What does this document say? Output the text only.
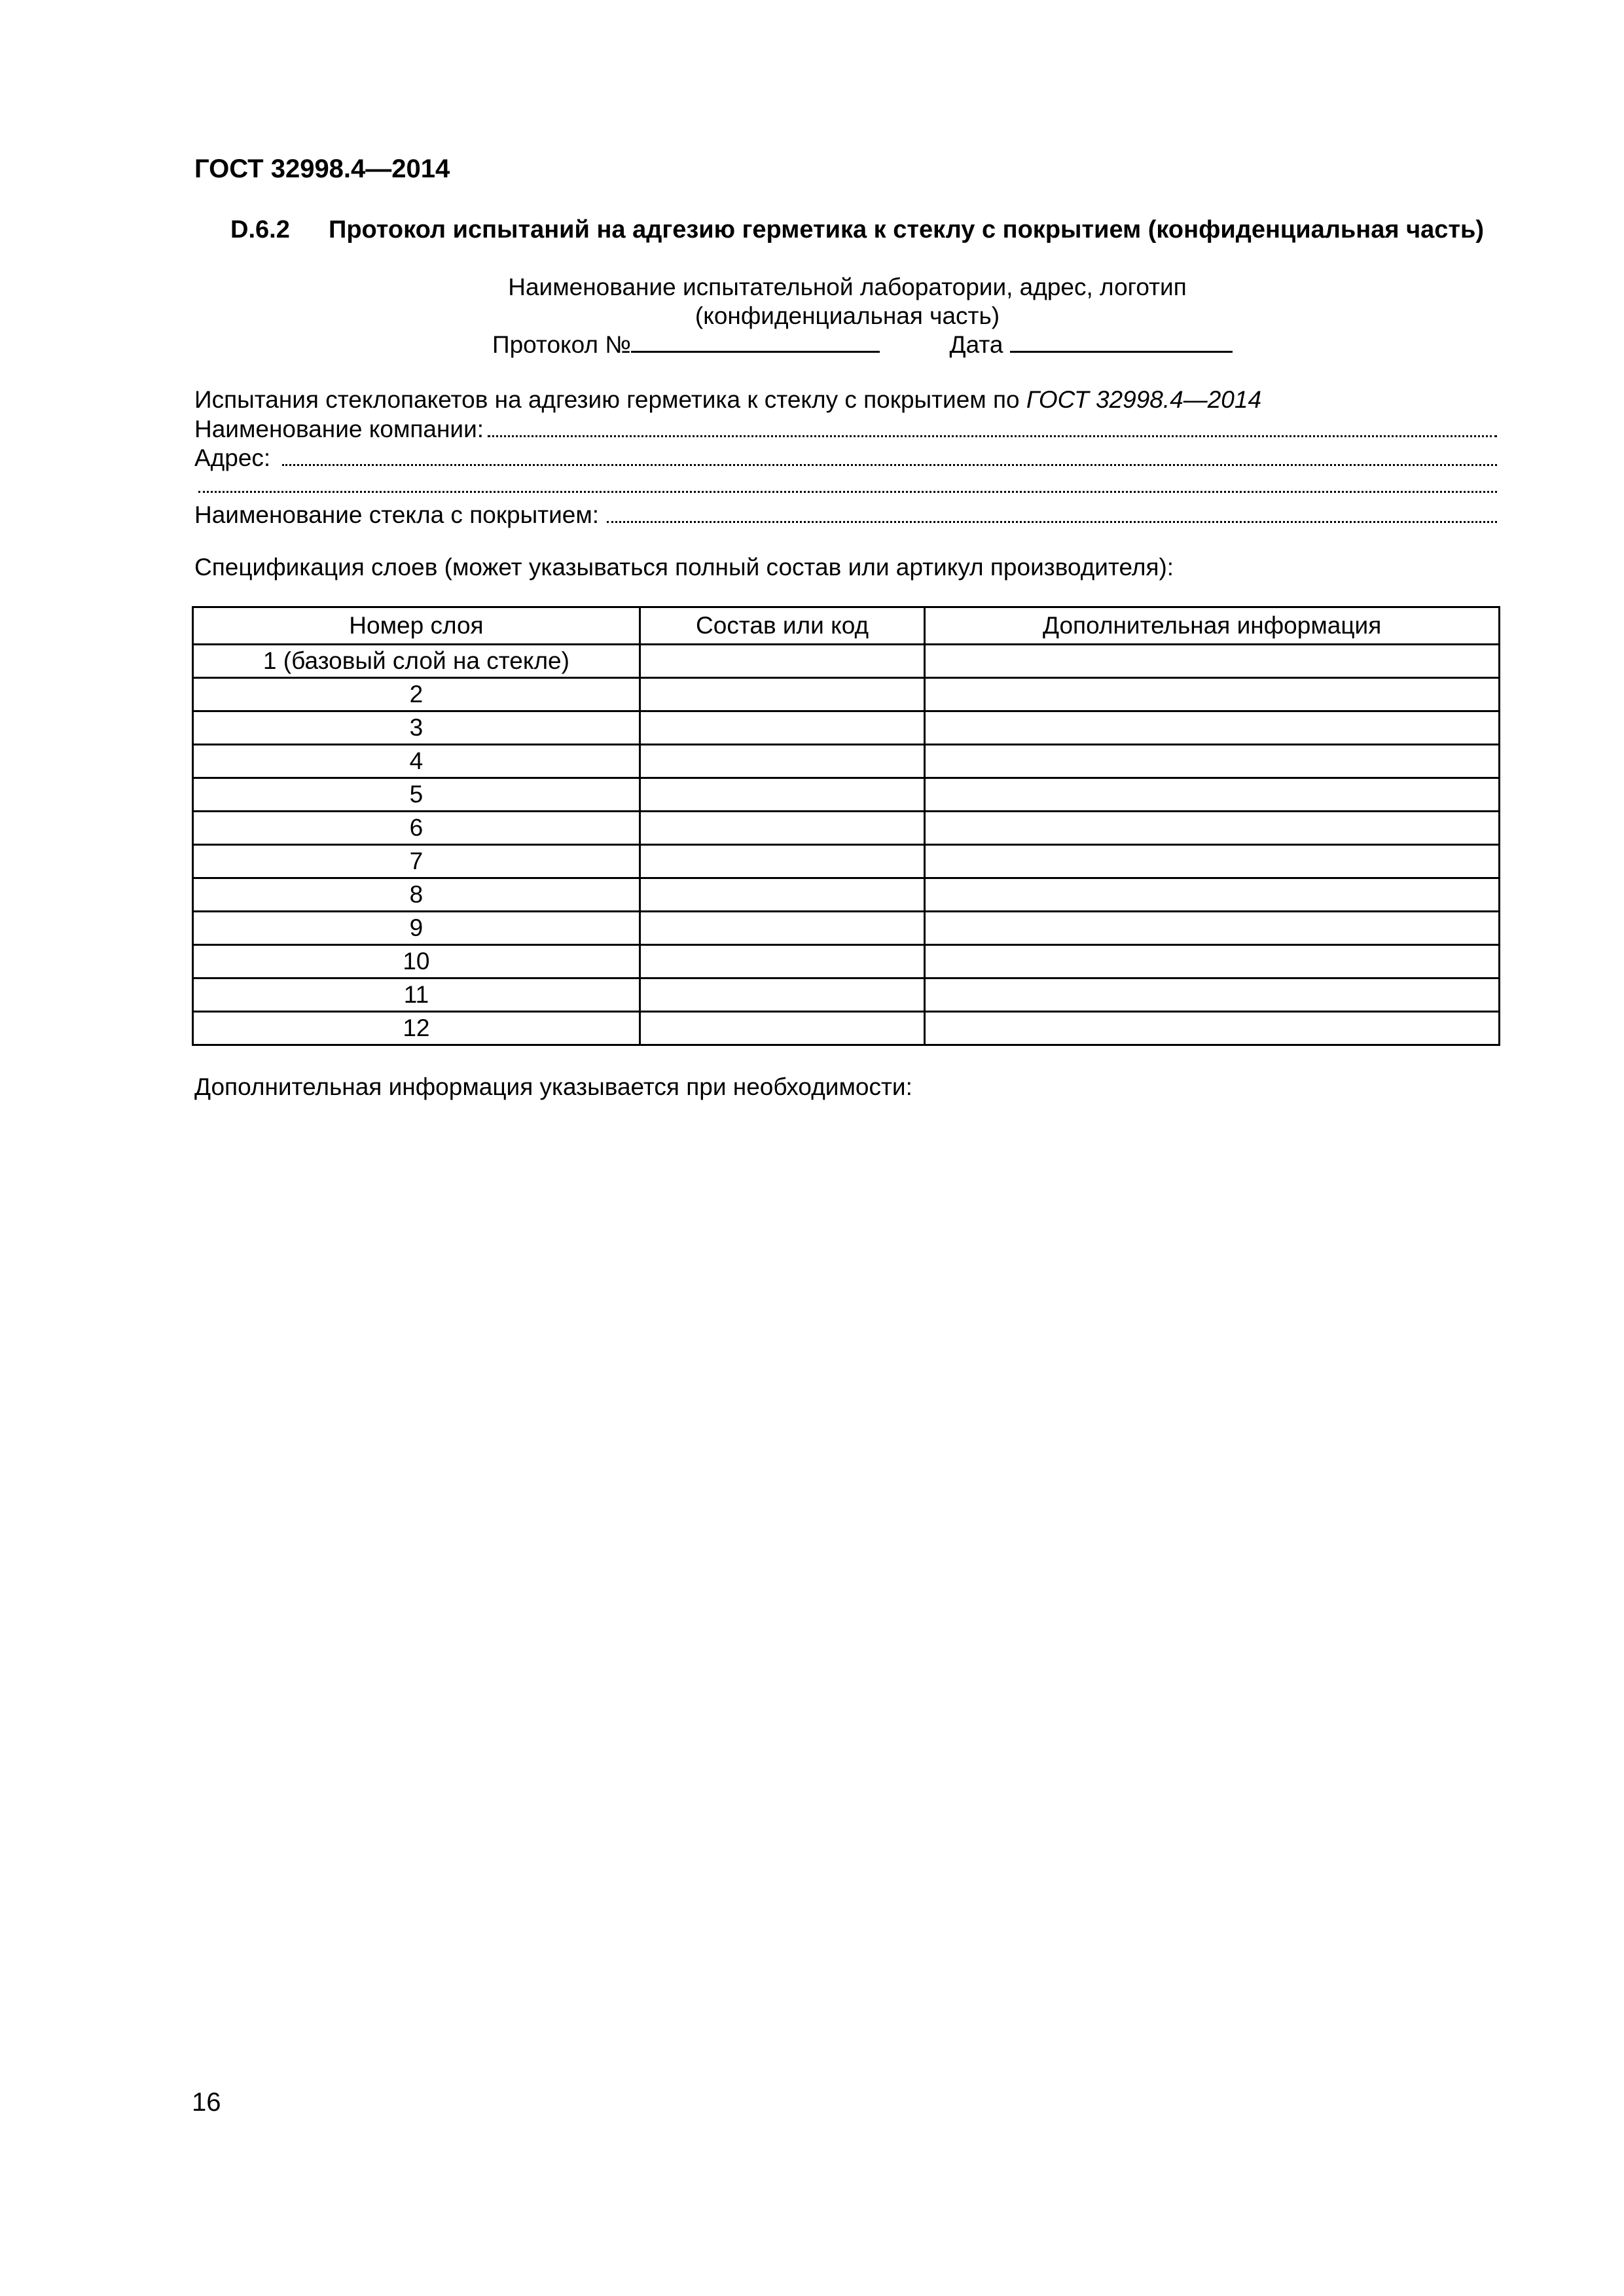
ГОСТ 32998.4—2014
D.6.2 Протокол испытаний на адгезию герметика к стеклу с покрытием (конфиденциальная часть)
Наименование испытательной лаборатории, адрес, логотип
(конфиденциальная часть)
Протокол №	Дата
Испытания стеклопакетов на адгезию герметика к стеклу с покрытием по ГОСТ 32998.4—2014
Наименование компании:
Адрес:
Наименование стекла с покрытием:
Спецификация слоев (может указываться полный состав или артикул производителя):
Номер слоя	Состав или код	Дополнительная информация
1 (базовый слой на стекле)		
2		
3		
4		
5		
6		
7		
8		
9		
10		
11		
12		
Дополнительная информация указывается при необходимости:
16
